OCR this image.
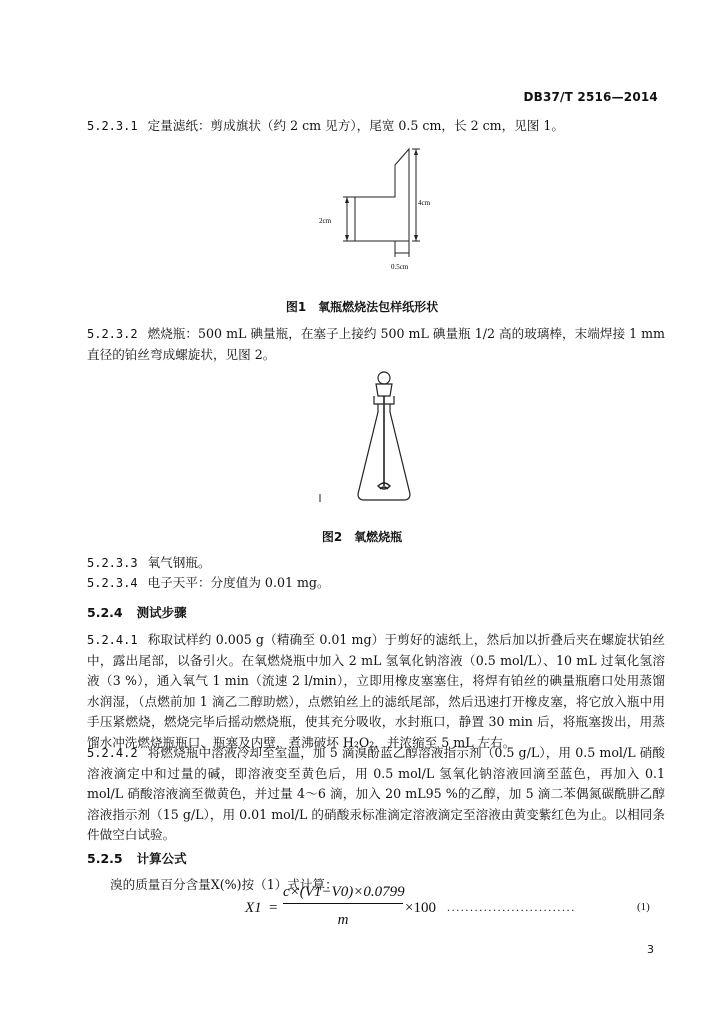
DB37/T 2516—2014
5.2.3.1 定量滤纸：剪成旗状（约 2 cm 见方），尾宽 0.5 cm，长 2 cm，见图 1。
2cm
4cm
0.5cm
图1　氧瓶燃烧法包样纸形状
5.2.3.2 燃烧瓶：500 mL 碘量瓶，在塞子上接约 500 mL 碘量瓶 1/2 高的玻璃棒，末端焊接 1 mm 直径的铂丝弯成螺旋状，见图 2。
图2　氧燃烧瓶
5.2.3.3 氧气钢瓶。
5.2.3.4 电子天平：分度值为 0.01 mg。
5.2.4 测试步骤
5.2.4.1 称取试样约 0.005 g（精确至 0.01 mg）于剪好的滤纸上，然后加以折叠后夹在螺旋状铂丝中，露出尾部，以备引火。在氧燃烧瓶中加入 2 mL 氢氧化钠溶液（0.5 mol/L）、10 mL 过氧化氢溶液（3 %），通入氧气 1 min（流速 2 l/min），立即用橡皮塞塞住，将焊有铂丝的碘量瓶磨口处用蒸馏水润湿，（点燃前加 1 滴乙二醇助燃），点燃铂丝上的滤纸尾部，然后迅速打开橡皮塞，将它放入瓶中用手压紧燃烧，燃烧完毕后摇动燃烧瓶，使其充分吸收，水封瓶口，静置 30 min 后，将瓶塞拨出，用蒸馏水冲洗燃烧瓶瓶口、瓶塞及内壁，煮沸破坏 H₂O₂，并浓缩至 5 mL 左右。
5.2.4.2 将燃烧瓶中溶液冷却至室温，加 5 滴溴酚蓝乙醇溶液指示剂（0.5 g/L），用 0.5 mol/L 硝酸溶液滴定中和过量的碱，即溶液变至黄色后，用 0.5 mol/L 氢氧化钠溶液回滴至蓝色，再加入 0.1 mol/L 硝酸溶液滴至微黄色，并过量 4～6 滴，加入 20 mL95 %的乙醇，加 5 滴二苯偶氮碳酰肼乙醇溶液指示剂（15 g/L），用 0.01 mol/L 的硝酸汞标准滴定溶液滴定至溶液由黄变紫红色为止。以相同条件做空白试验。
5.2.5 计算公式
溴的质量百分含量X(%)按（1）式计算：
X1 =
c×(V1−V0)×0.0799
m
×100 ............................	(1)
3
